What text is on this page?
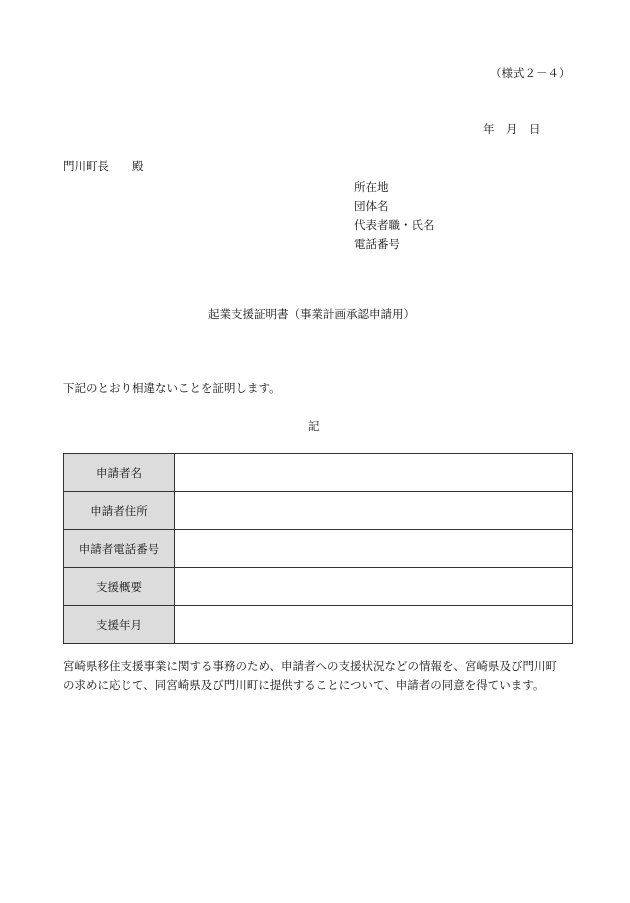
（様式２－４）
年　月　日
門川町長　　殿
所在地
団体名
代表者職・氏名
電話番号
起業支援証明書（事業計画承認申請用）
下記のとおり相違ないことを証明します。
記
申請者名	
申請者住所	
申請者電話番号	
支援概要	
支援年月	
宮崎県移住支援事業に関する事務のため、申請者への支援状況などの情報を、宮崎県及び門川町
の求めに応じて、同宮崎県及び門川町に提供することについて、申請者の同意を得ています。
